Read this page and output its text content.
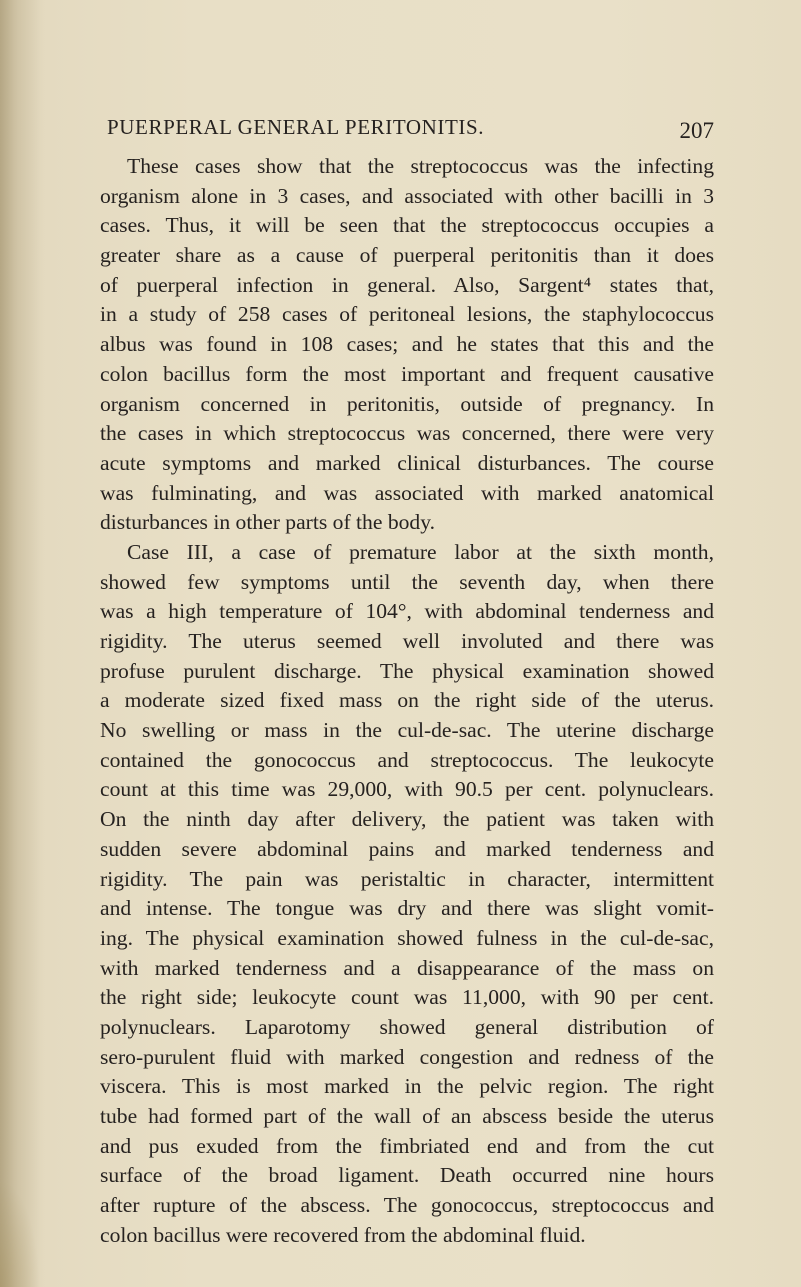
PUERPERAL GENERAL PERITONITIS.	207
These cases show that the streptococcus was the infecting
organism alone in 3 cases, and associated with other bacilli in 3
cases. Thus, it will be seen that the streptococcus occupies a
greater share as a cause of puerperal peritonitis than it does
of puerperal infection in general. Also, Sargent⁴ states that,
in a study of 258 cases of peritoneal lesions, the staphylococcus
albus was found in 108 cases; and he states that this and the
colon bacillus form the most important and frequent causative
organism concerned in peritonitis, outside of pregnancy. In
the cases in which streptococcus was concerned, there were very
acute symptoms and marked clinical disturbances. The course
was fulminating, and was associated with marked anatomical
disturbances in other parts of the body.
Case III, a case of premature labor at the sixth month,
showed few symptoms until the seventh day, when there
was a high temperature of 104°, with abdominal tenderness and
rigidity. The uterus seemed well involuted and there was
profuse purulent discharge. The physical examination showed
a moderate sized fixed mass on the right side of the uterus.
No swelling or mass in the cul-de-sac. The uterine discharge
contained the gonococcus and streptococcus. The leukocyte
count at this time was 29,000, with 90.5 per cent. polynuclears.
On the ninth day after delivery, the patient was taken with
sudden severe abdominal pains and marked tenderness and
rigidity. The pain was peristaltic in character, intermittent
and intense. The tongue was dry and there was slight vomit-
ing. The physical examination showed fulness in the cul-de-sac,
with marked tenderness and a disappearance of the mass on
the right side; leukocyte count was 11,000, with 90 per cent.
polynuclears. Laparotomy showed general distribution of
sero-purulent fluid with marked congestion and redness of the
viscera. This is most marked in the pelvic region. The right
tube had formed part of the wall of an abscess beside the uterus
and pus exuded from the fimbriated end and from the cut
surface of the broad ligament. Death occurred nine hours
after rupture of the abscess. The gonococcus, streptococcus and
colon bacillus were recovered from the abdominal fluid.
